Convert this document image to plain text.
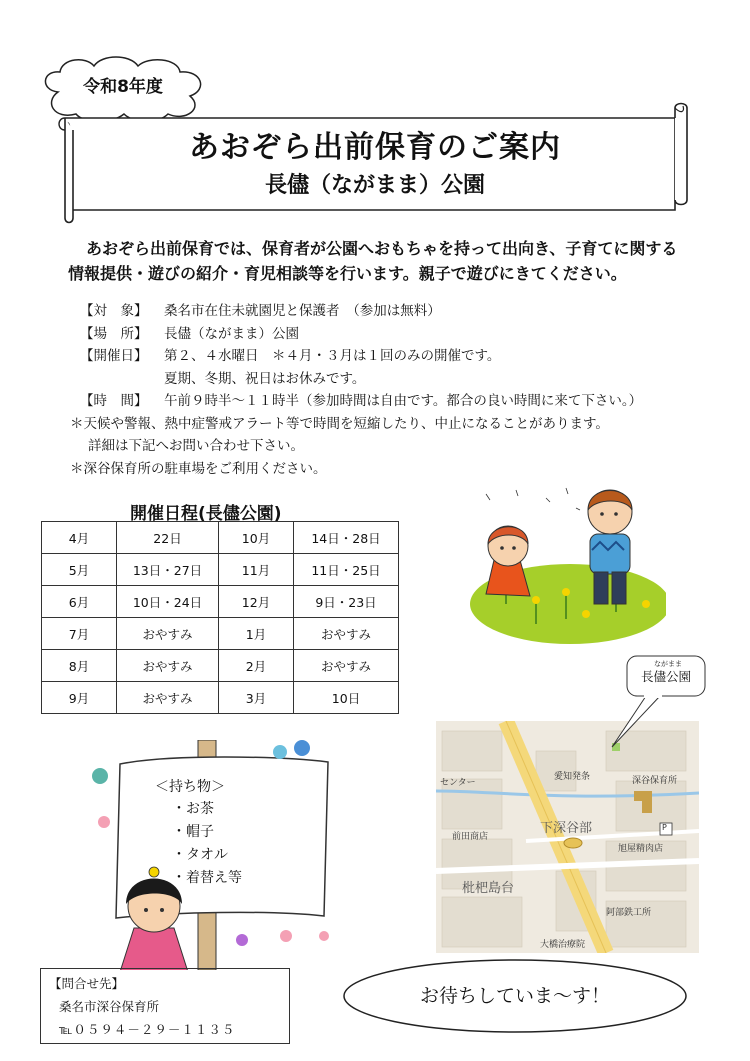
令和8年度
あおぞら出前保育のご案内
長儘（ながまま）公園
あおぞら出前保育では、保育者が公園へおもちゃを持って出向き、子育てに関する
情報提供・遊びの紹介・育児相談等を行います。親子で遊びにきてください。
【対　象】	桑名市在住未就園児と保護者　（参加は無料）
【場　所】	長儘（ながまま）公園
【開催日】	第２、４水曜日　＊４月・３月は１回のみの開催です。
夏期、冬期、祝日はお休みです。
【時　間】	午前９時半～１１時半（参加時間は自由です。都合の良い時間に来て下さい。）
＊天候や警報、熱中症警戒アラート等で時間を短縮したり、中止になることがあります。
詳細は下記へお問い合わせ下さい。
＊深谷保育所の駐車場をご利用ください。
開催日程(長儘公園)
4月	22日	10月	14日・28日
5月	13日・27日	11月	11日・25日
6月	10日・24日	12月	9日・23日
7月	おやすみ	1月	おやすみ
8月	おやすみ	2月	おやすみ
9月	おやすみ	3月	10日
センター
愛知発条	深谷保育所
前田商店
下深谷部	P
旭屋精肉店
枇杷島台
阿部鉄工所
大橋治療院
ながまま
長儘公園
＜持ち物＞
・お茶
・帽子
・タオル
・着替え等
【問合せ先】
桑名市深谷保育所
℡０５９４－２９－１１３５
お待ちしていま～す！
